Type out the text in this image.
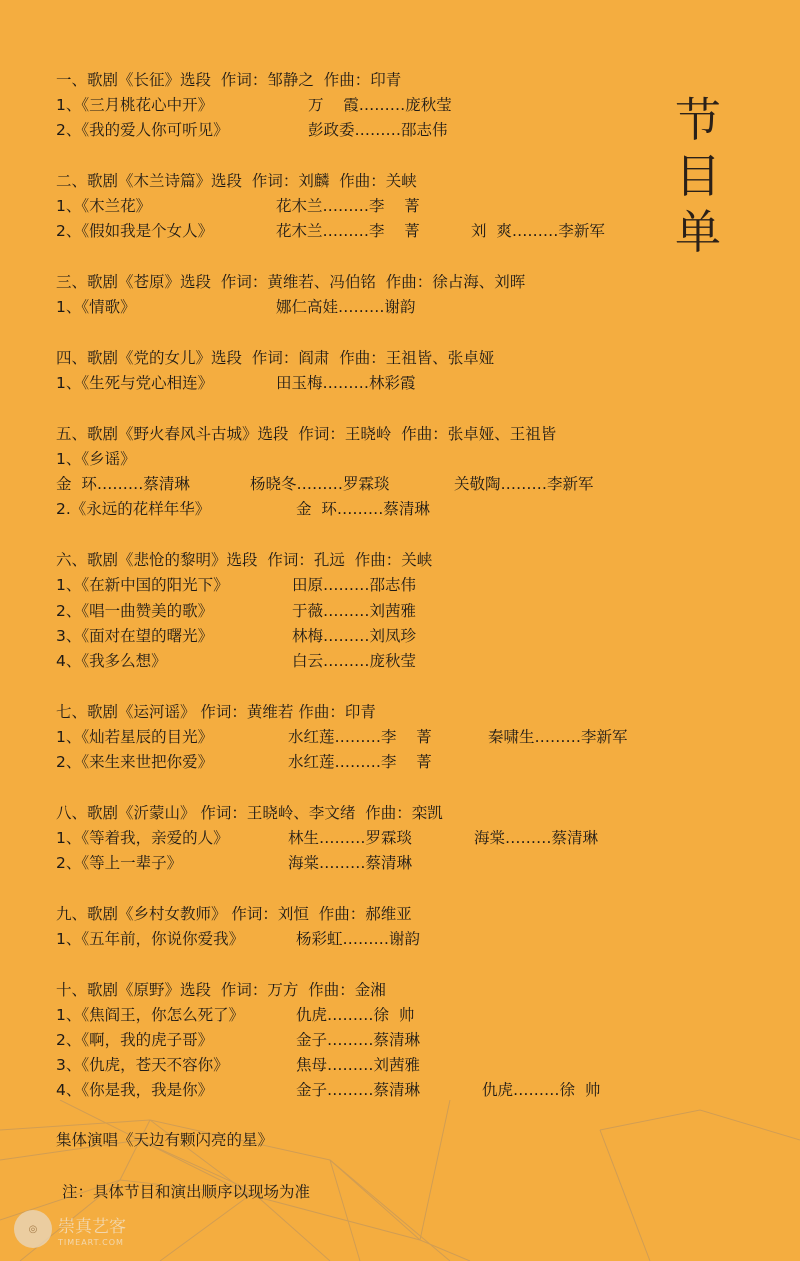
节
目
单
一、歌剧《长征》选段  作词：邹静之  作曲：印青
1、《三月桃花心中开》	万    霞………庞秋莹
2、《我的爱人你可听见》	彭政委………邵志伟
二、歌剧《木兰诗篇》选段  作词：刘麟  作曲：关峡
1、《木兰花》	花木兰………李    菁
2、《假如我是个女人》	花木兰………李    菁	刘  爽………李新军
三、歌剧《苍原》选段  作词：黄维若、冯伯铭  作曲：徐占海、刘晖
1、《情歌》	娜仁高娃………谢韵
四、歌剧《党的女儿》选段  作词：阎肃  作曲：王祖皆、张卓娅
1、《生死与党心相连》	田玉梅………林彩霞
五、歌剧《野火春风斗古城》选段  作词：王晓岭  作曲：张卓娅、王祖皆
1、《乡谣》
金  环………蔡清琳	杨晓冬………罗霖琰	关敬陶………李新军
2.《永远的花样年华》	金  环………蔡清琳
六、歌剧《悲怆的黎明》选段  作词：孔远  作曲：关峡
1、《在新中国的阳光下》	田原………邵志伟
2、《唱一曲赞美的歌》	于薇………刘茜雅
3、《面对在望的曙光》	林梅………刘凤珍
4、《我多么想》	白云………庞秋莹
七、歌剧《运河谣》 作词：黄维若 作曲：印青
1、《灿若星辰的目光》	水红莲………李    菁	秦啸生………李新军
2、《来生来世把你爱》	水红莲………李    菁
八、歌剧《沂蒙山》 作词：王晓岭、李文绪  作曲：栾凯
1、《等着我，亲爱的人》	林生………罗霖琰	海棠………蔡清琳
2、《等上一辈子》	海棠………蔡清琳
九、歌剧《乡村女教师》 作词：刘恒  作曲：郝维亚
1、《五年前，你说你爱我》	杨彩虹………谢韵
十、歌剧《原野》选段  作词：万方  作曲：金湘
1、《焦阎王，你怎么死了》	仇虎………徐  帅
2、《啊，我的虎子哥》	金子………蔡清琳
3、《仇虎，苍天不容你》	焦母………刘茜雅
4、《你是我，我是你》	金子………蔡清琳	仇虎………徐  帅
集体演唱《天边有颗闪亮的星》
注：具体节目和演出顺序以现场为准
◎	崇真艺客
TIMEART.COM
